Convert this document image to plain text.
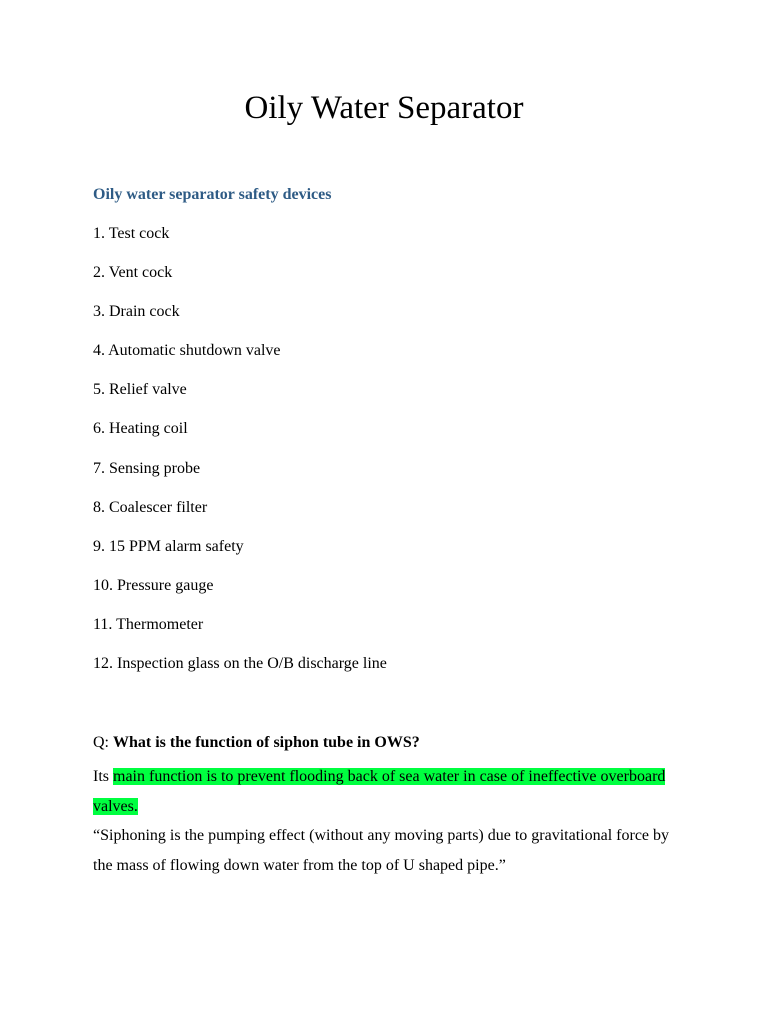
Oily Water Separator
Oily water separator safety devices
1. Test cock
2. Vent cock
3. Drain cock
4. Automatic shutdown valve
5. Relief valve
6. Heating coil
7. Sensing probe
8. Coalescer filter
9. 15 PPM alarm safety
10. Pressure gauge
11. Thermometer
12. Inspection glass on the O/B discharge line

Q: What is the function of siphon tube in OWS?

Its main function is to prevent flooding back of sea water in case of ineffective overboard valves.

“Siphoning is the pumping effect (without any moving parts) due to gravitational force by the mass of flowing down water from the top of U shaped pipe.”
